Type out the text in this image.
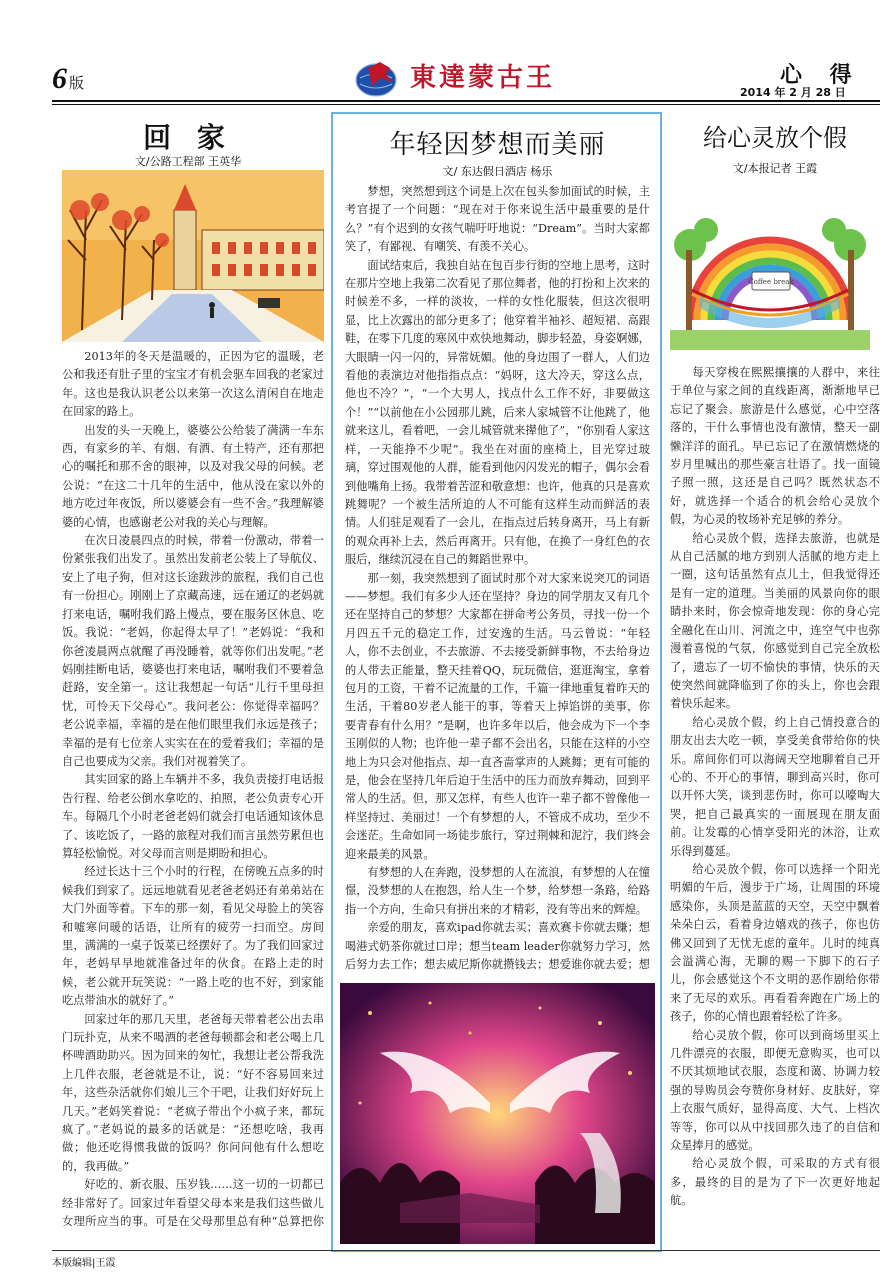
6 版	東達蒙古王	心 得
2014 年 2 月 28 日
回 家
文/公路工程部 王英华

2013年的冬天是温暖的，正因为它的温暖，老公和我还有肚子里的宝宝才有机会驱车回我的老家过年。这也是我认识老公以来第一次这么清闲自在地走在回家的路上。

出发的头一天晚上，婆婆公公给装了满满一车东西，有家乡的羊、有烟、有酒、有土特产，还有那把心的嘱托和那不舍的眼神，以及对我父母的问候。老公说：“在这二十几年的生活中，他从没在家以外的地方吃过年夜饭，所以婆婆会有一些不舍。”我理解婆婆的心情，也感谢老公对我的关心与理解。

在次日凌晨四点的时候，带着一份激动，带着一份紧张我们出发了。虽然出发前老公装上了导航仪、安上了电子狗，但对这长途跋涉的旅程，我们自己也有一份担心。刚刚上了京藏高速，远在通辽的老妈就打来电话，嘱咐我们路上慢点，要在服务区休息、吃饭。我说：“老妈，你起得太早了！”老妈说：“我和你爸凌晨两点就醒了再没睡着，就等你们出发呢。”老妈刚挂断电话，婆婆也打来电话，嘱咐我们不要着急赶路，安全第一。这让我想起一句话“儿行千里母担忧，可怜天下父母心”。我问老公：你觉得幸福吗？老公说幸福，幸福的是在他们眼里我们永远是孩子；幸福的是有七位亲人实实在在的爱着我们；幸福的是自己也要成为父亲。我们对视着笑了。

其实回家的路上车辆并不多，我负责接打电话报告行程、给老公倒水拿吃的、拍照，老公负责专心开车。每隔几个小时老爸老妈们就会打电话通知该休息了、该吃饭了，一路的旅程对我们而言虽然劳累但也算轻松愉悦。对父母而言则是期盼和担心。

经过长达十三个小时的行程，在傍晚五点多的时候我们到家了。远远地就看见老爸老妈还有弟弟站在大门外面等着。下车的那一刻，看见父母脸上的笑容和嘘寒问暖的话语，让所有的疲劳一扫而空。房间里，满满的一桌子饭菜已经摆好了。为了我们回家过年，老妈早早地就准备过年的伙食。在路上走的时候，老公就开玩笑说：“一路上吃的也不好，到家能吃点带油水的就好了。”

回家过年的那几天里，老爸每天带着老公出去串门玩扑克，从来不喝酒的老爸每顿都会和老公喝上几杯啤酒助助兴。因为回来的匆忙，我想让老公帮我洗上几件衣服，老爸就是不让，说：“好不容易回来过年，这些杂活就你们娘儿三个干吧，让我们好好玩上几天。”老妈笑着说：“老疯子带出个小疯子来，都玩疯了。”老妈说的最多的话就是：“还想吃啥，我再做；他还吃得惯我做的饭吗？你问问他有什么想吃的，我再做。”

好吃的、新衣服、压岁钱……这一切的一切都已经非常好了。回家过年看望父母本来是我们这些做儿女理所应当的事。可是在父母那里总有种“总算把你

年轻因梦想而美丽
文/ 东达假日酒店 杨乐

梦想，突然想到这个词是上次在包头参加面试的时候，主考官提了一个问题：“现在对于你来说生活中最重要的是什么？”有个迟到的女孩气喘吁吁地说：“Dream”。当时大家都笑了，有鄙视、有嘲笑、有羡不关心。

面试结束后，我独自站在包百步行街的空地上思考，这时在那片空地上我第二次看见了那位舞者，他的打扮和上次来的时候差不多，一样的淡妆，一样的女性化服装，但这次很明显，比上次露出的部分更多了；他穿着半袖衫、超短裙、高跟鞋，在零下几度的寒风中欢快地舞动，脚步轻盈，身姿婀娜，大眼睛一闪一闪的，异常妩媚。他的身边围了一群人，人们边看他的表演边对他指指点点：“妈呀，这大冷天，穿这么点，他也不冷？”，“一个大男人，找点什么工作不好，非要做这个！”“以前他在小公园那儿跳，后来人家城管不让他跳了，他就来这儿，看着吧，一会儿城管就来撵他了”，“你别看人家这样，一天能挣不少呢”。我坐在对面的座椅上，目光穿过玻璃，穿过围观他的人群，能看到他闪闪发光的帽子，偶尔会看到他嘴角上扬。我带着苦涩和敬意想：也许，他真的只是喜欢跳舞呢？一个被生活所迫的人不可能有这样生动而鲜活的表情。人们驻足观看了一会儿，在指点过后转身离开，马上有新的观众再补上去，然后再离开。只有他，在换了一身红色的衣服后，继续沉浸在自己的舞蹈世界中。

那一刻，我突然想到了面试时那个对大家来说突兀的词语——梦想。我们有多少人还在坚持？身边的同学朋友又有几个还在坚持自己的梦想？大家都在拼命考公务员，寻找一份一个月四五千元的稳定工作，过安逸的生活。马云曾说：“年轻人，你不去创业，不去旅游、不去接受新鲜事物，不去给身边的人带去正能量，整天挂着QQ，玩玩微信，逛逛淘宝，拿着包月的工资，干着不记流量的工作，千篇一律地重复着昨天的生活，干着80岁老人能干的事，等着天上掉馅饼的美事，你要青春有什么用？”是啊，也许多年以后，他会成为下一个李玉刚似的人物；也许他一辈子都不会出名，只能在这样的小空地上为只会对他指点、却一直吝啬掌声的人跳舞；更有可能的是，他会在坚持几年后迫于生活中的压力而放弃舞动，回到平常人的生活。但，那又怎样，有些人也许一辈子都不曾像他一样坚持过、美丽过！一个有梦想的人，不管成不成功，至少不会迷茫。生命如同一场徒步旅行，穿过荆棘和泥泞，我们终会迎来最美的风景。

有梦想的人在奔跑，没梦想的人在流浪，有梦想的人在憧憬，没梦想的人在抱怨，给人生一个梦，给梦想一条路，给路指一个方向，生命只有拼出来的才精彩，没有等出来的辉煌。

亲爱的朋友，喜欢ipad你就去买；喜欢赛卡你就去赚；想喝港式奶茶你就过口岸；想当team leader你就努力学习，然后努力去工作；想去威尼斯你就攒钱去；想爱谁你就去爱；想

给心灵放个假
文/本报记者 王霞
Coffee break

每天穿梭在熙熙攘攘的人群中，来往于单位与家之间的直线距离，渐渐地早已忘记了聚会、旅游是什么感觉，心中空落落的，干什么事情也没有激情，整天一副懒洋洋的面孔。早已忘记了在激情燃烧的岁月里喊出的那些豪言壮语了。找一面镜子照一照，这还是自己吗？既然状态不好，就选择一个适合的机会给心灵放个假，为心灵的牧场补充足够的养分。

给心灵放个假，选择去旅游，也就是从自己活腻的地方到别人活腻的地方走上一圈，这句话虽然有点儿土，但我觉得还是有一定的道理。当美丽的风景向你的眼睛扑来时，你会惊奇地发现：你的身心完全融化在山川、河流之中，连空气中也弥漫着喜悦的气氛，你感觉到自己完全放松了，遗忘了一切不愉快的事情，快乐的天使突然间就降临到了你的头上，你也会跟着快乐起来。

给心灵放个假，约上自己情投意合的朋友出去大吃一顿，享受美食带给你的快乐。席间你们可以海阔天空地聊着自己开心的、不开心的事情，聊到高兴时，你可以开怀大笑，谈到悲伤时，你可以嚎啕大哭，把自己最真实的一面展现在朋友面前。让发霉的心情享受阳光的沐浴，让欢乐得到蔓延。

给心灵放个假，你可以选择一个阳光明媚的午后，漫步于广场，让周围的环境感染你，头顶是蓝蓝的天空，天空中飘着朵朵白云，看着身边嬉戏的孩子，你也仿佛又回到了无忧无虑的童年。儿时的纯真会溢满心海，无聊的赐一下脚下的石子儿，你会感觉这个不文明的恶作剧给你带来了无尽的欢乐。再看看奔跑在广场上的孩子，你的心情也跟着轻松了许多。

给心灵放个假，你可以到商场里买上几件漂亮的衣服，即便无意购买，也可以不厌其烦地试衣服，态度和蔼、协调力较强的导购员会夸赞你身材好、皮肤好，穿上衣服气质好，显得高度、大气、上档次等等，你可以从中找回那久违了的自信和众星捧月的感觉。

给心灵放个假，可采取的方式有很多，最终的目的是为了下一次更好地起航。

本版编辑|王霞
